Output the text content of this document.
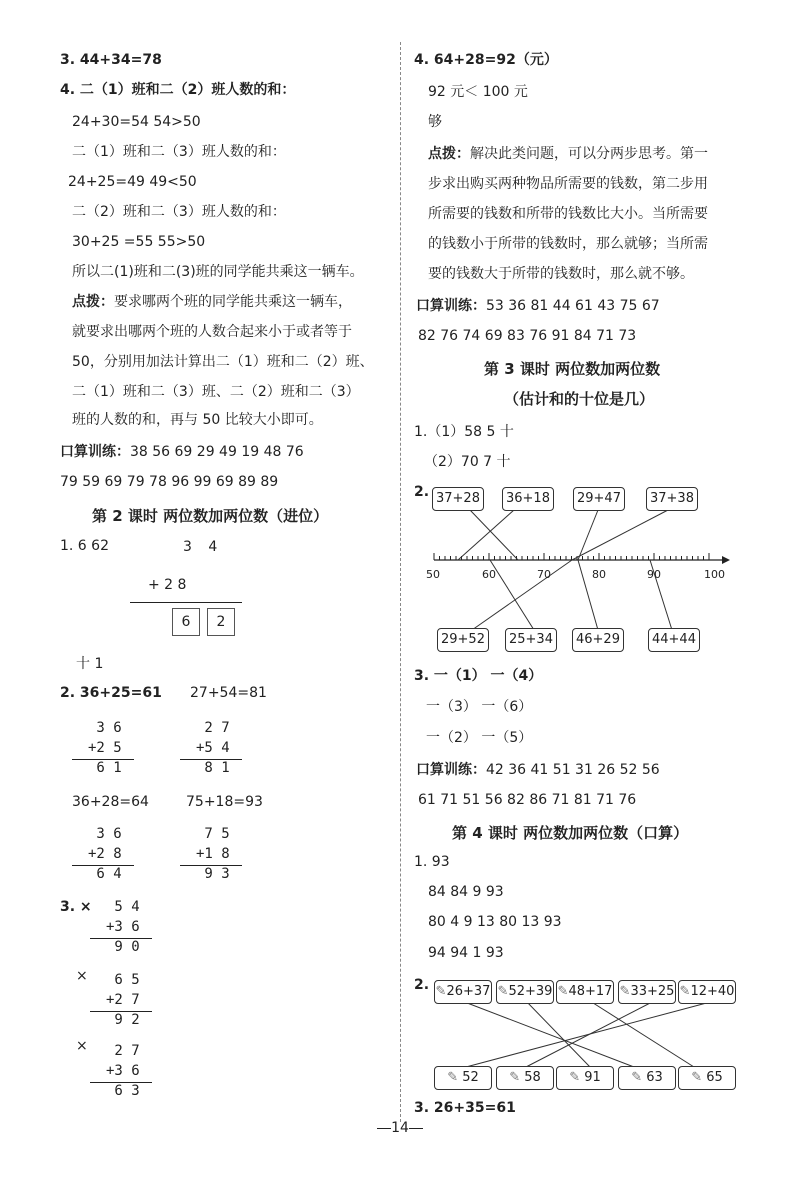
3. 44+34=78
4. 二（1）班和二（2）班人数的和：
24+30=54 54>50
二（1）班和二（3）班人数的和：
24+25=49 49<50
二（2）班和二（3）班人数的和：
30+25 =55 55>50
所以二(1)班和二(3)班的同学能共乘这一辆车。
点拨：要求哪两个班的同学能共乘这一辆车，
就要求出哪两个班的人数合起来小于或者等于
50，分别用加法计算出二（1）班和二（2）班、
二（1）班和二（3）班、二（2）班和二（3）
班的人数的和，再与 50 比较大小即可。
口算训练：38 56 69 29 49 19 48 76
79 59 69 79 78 96 99 69 89 89
第 2 课时 两位数加两位数（进位）
1. 6 62	3 4
+ 2 8
6	2
十 1
2. 36+25=61 27+54=81
3 6
+2 5
6 1
2 7
+5 4
8 1
36+28=64	75+18=93
3 6
+2 8
6 4
7 5
+1 8
9 3
3. × 5 4
+3 6
9 0
× 6 5
+2 7
9 2
× 2 7
+3 6
6 3
4. 64+28=92（元）
92 元＜ 100 元
够
点拨：解决此类问题，可以分两步思考。第一
步求出购买两种物品所需要的钱数，第二步用
所需要的钱数和所带的钱数比大小。当所需要
的钱数小于所带的钱数时，那么就够；当所需
要的钱数大于所带的钱数时，那么就不够。
口算训练：53 36 81 44 61 43 75 67
82 76 74 69 83 76 91 84 71 73
第 3 课时 两位数加两位数
（估计和的十位是几）
1.（1）58 5 十
（2）70 7 十
2. 37+28	36+18	29+47	37+38
29+52	25+34	46+29	44+44
50	60	70	80	90	100
3. 一（1） 一（4）
一（3） 一（6）
一（2） 一（5）
口算训练：42 36 41 51 31 26 52 56
61 71 51 56 82 86 71 81 71 76
第 4 课时 两位数加两位数（口算）
1. 93
84 84 9 93
80 4 9 13 80 13 93
94 94 1 93
2. ✎26+37 ✎52+39 ✎48+17 ✎33+25 ✎12+40
✎ 52	✎ 58	✎ 91	✎ 63	✎ 65
3. 26+35=61
14
